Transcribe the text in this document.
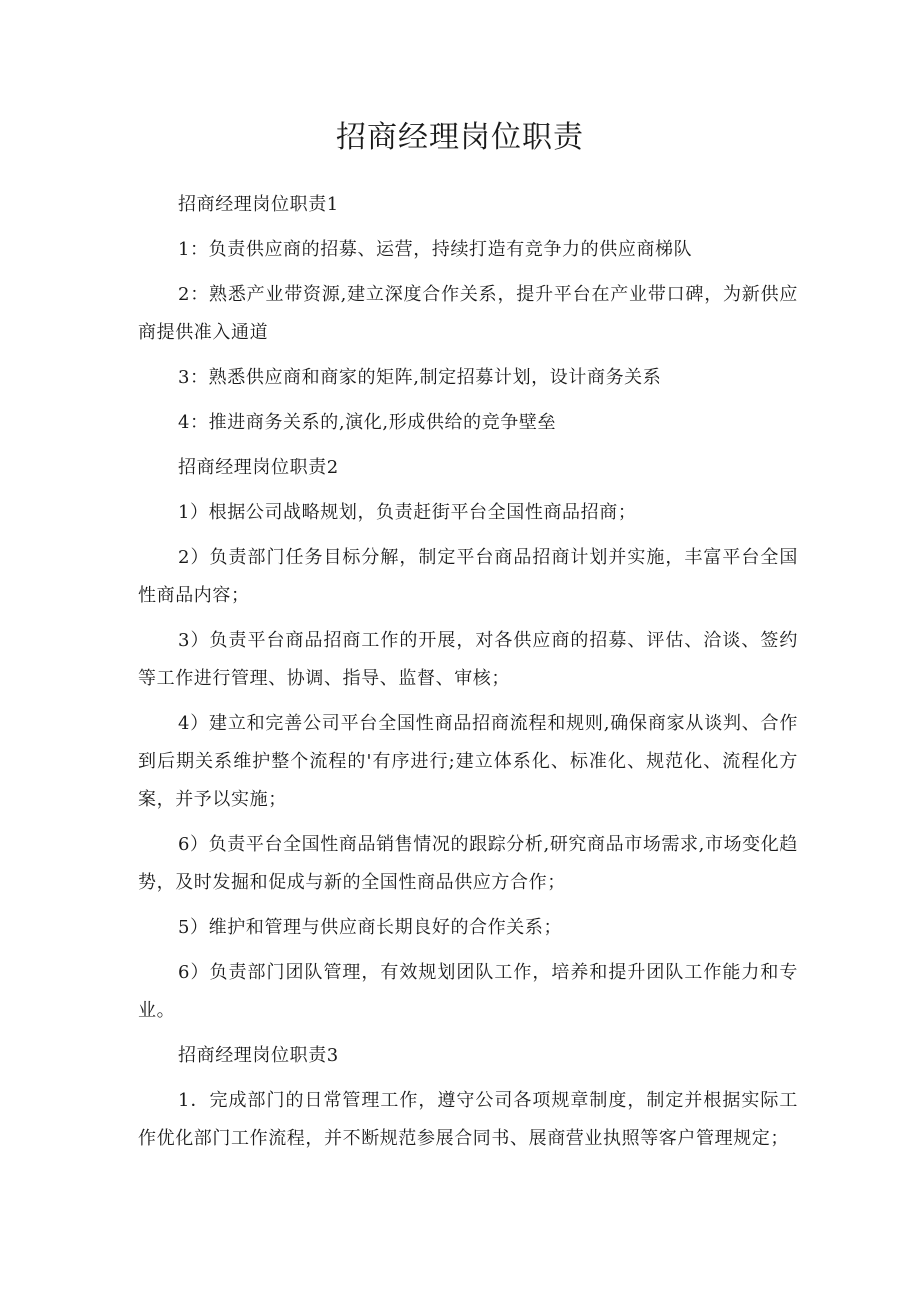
招商经理岗位职责
招商经理岗位职责1

1：负责供应商的招募、运营，持续打造有竞争力的供应商梯队

2：熟悉产业带资源,建立深度合作关系，提升平台在产业带口碑，为新供应商提供准入通道

3：熟悉供应商和商家的矩阵,制定招募计划，设计商务关系

4：推进商务关系的,演化,形成供给的竞争壁垒

招商经理岗位职责2

1）根据公司战略规划，负责赶街平台全国性商品招商；

2）负责部门任务目标分解，制定平台商品招商计划并实施，丰富平台全国性商品内容；

3）负责平台商品招商工作的开展，对各供应商的招募、评估、洽谈、签约等工作进行管理、协调、指导、监督、审核；

4）建立和完善公司平台全国性商品招商流程和规则,确保商家从谈判、合作到后期关系维护整个流程的'有序进行;建立体系化、标准化、规范化、流程化方案，并予以实施；

6）负责平台全国性商品销售情况的跟踪分析,研究商品市场需求,市场变化趋势，及时发掘和促成与新的全国性商品供应方合作；

5）维护和管理与供应商长期良好的合作关系；

6）负责部门团队管理，有效规划团队工作，培养和提升团队工作能力和专业。

招商经理岗位职责3

1．完成部门的日常管理工作，遵守公司各项规章制度，制定并根据实际工作优化部门工作流程，并不断规范参展合同书、展商营业执照等客户管理规定；
